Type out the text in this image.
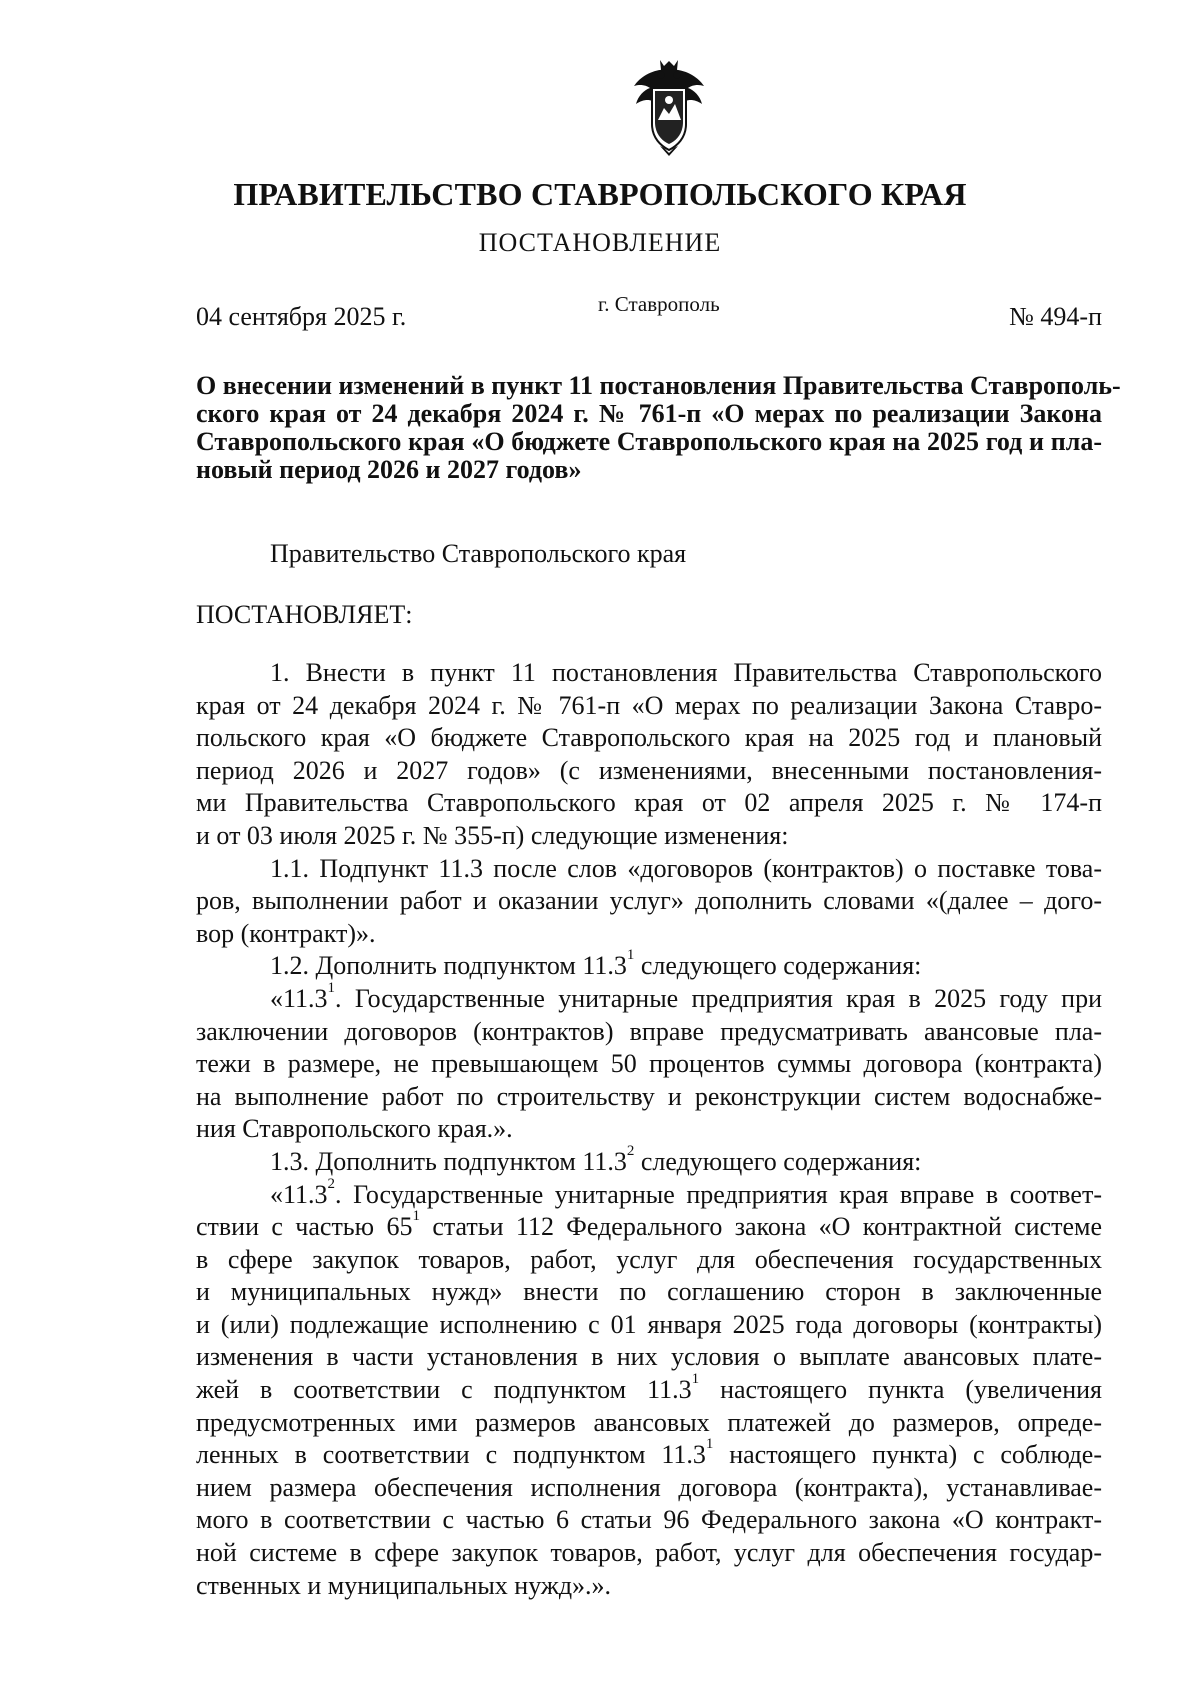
ПРАВИТЕЛЬСТВО СТАВРОПОЛЬСКОГО КРАЯ
ПОСТАНОВЛЕНИЕ
04 сентября 2025 г.	г. Ставрополь	№ 494-п
О внесении изменений в пункт 11 постановления Правительства Ставрополь-
ского края от 24 декабря 2024 г. № 761-п «О мерах по реализации Закона
Ставропольского края «О бюджете Ставропольского края на 2025 год и пла-
новый период 2026 и 2027 годов»
Правительство Ставропольского края
ПОСТАНОВЛЯЕТ:
1. Внести в пункт 11 постановления Правительства Ставропольского
края от 24 декабря 2024 г. № 761-п «О мерах по реализации Закона Ставро-
польского края «О бюджете Ставропольского края на 2025 год и плановый
период 2026 и 2027 годов» (с изменениями, внесенными постановления-
ми Правительства Ставропольского края от 02 апреля 2025 г. № 174-п
и от 03 июля 2025 г. № 355-п) следующие изменения:
1.1. Подпункт 11.3 после слов «договоров (контрактов) о поставке това-
ров, выполнении работ и оказании услуг» дополнить словами «(далее – дого-
вор (контракт)».
1.2. Дополнить подпунктом 11.3$^1$ следующего содержания:
«11.3$^1$. Государственные унитарные предприятия края в 2025 году при
заключении договоров (контрактов) вправе предусматривать авансовые пла-
тежи в размере, не превышающем 50 процентов суммы договора (контракта)
на выполнение работ по строительству и реконструкции систем водоснабже-
ния Ставропольского края.».
1.3. Дополнить подпунктом 11.3$^2$ следующего содержания:
«11.3$^2$. Государственные унитарные предприятия края вправе в соответ-
ствии с частью $65^1$ статьи 112 Федерального закона «О контрактной системе
в сфере закупок товаров, работ, услуг для обеспечения государственных
и муниципальных нужд» внести по соглашению сторон в заключенные
и (или) подлежащие исполнению с 01 января 2025 года договоры (контракты)
изменения в части установления в них условия о выплате авансовых плате-
жей в соответствии с подпунктом 11.3$^1$ настоящего пункта (увеличения
предусмотренных ими размеров авансовых платежей до размеров, опреде-
ленных в соответствии с подпунктом 11.3$^1$ настоящего пункта) с соблюде-
нием размера обеспечения исполнения договора (контракта), устанавливае-
мого в соответствии с частью 6 статьи 96 Федерального закона «О контракт-
ной системе в сфере закупок товаров, работ, услуг для обеспечения государ-
ственных и муниципальных нужд».».
